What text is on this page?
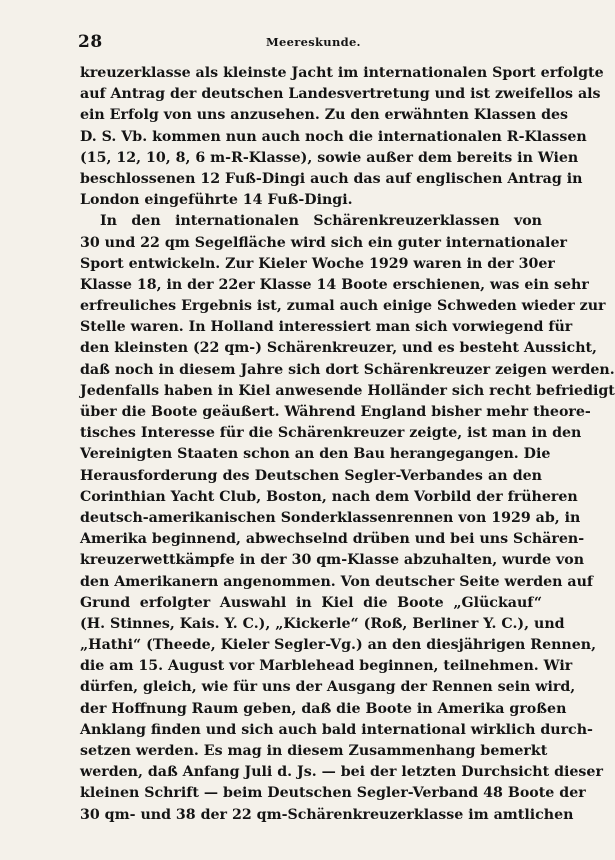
28	Meereskunde.
kreuzerklasse als kleinste Jacht im internationalen Sport erfolgte
auf Antrag der deutschen Landesvertretung und ist zweifellos als
ein Erfolg von uns anzusehen. Zu den erwähnten Klassen des
D. S. Vb. kommen nun auch noch die internationalen R-Klassen
(15, 12, 10, 8, 6 m-R-Klasse), sowie außer dem bereits in Wien
beschlossenen 12 Fuß-Dingi auch das auf englischen Antrag in
London eingeführte 14 Fuß-Dingi.
In den internationalen Schärenkreuzerklassen von
30 und 22 qm Segelfläche wird sich ein guter internationaler
Sport entwickeln. Zur Kieler Woche 1929 waren in der 30er
Klasse 18, in der 22er Klasse 14 Boote erschienen, was ein sehr
erfreuliches Ergebnis ist, zumal auch einige Schweden wieder zur
Stelle waren. In Holland interessiert man sich vorwiegend für
den kleinsten (22 qm-) Schärenkreuzer, und es besteht Aussicht,
daß noch in diesem Jahre sich dort Schärenkreuzer zeigen werden.
Jedenfalls haben in Kiel anwesende Holländer sich recht befriedigt
über die Boote geäußert. Während England bisher mehr theore-
tisches Interesse für die Schärenkreuzer zeigte, ist man in den
Vereinigten Staaten schon an den Bau herangegangen. Die
Herausforderung des Deutschen Segler-Verbandes an den
Corinthian Yacht Club, Boston, nach dem Vorbild der früheren
deutsch-amerikanischen Sonderklassenrennen von 1929 ab, in
Amerika beginnend, abwechselnd drüben und bei uns Schären-
kreuzerwettkämpfe in der 30 qm-Klasse abzuhalten, wurde von
den Amerikanern angenommen. Von deutscher Seite werden auf
Grund erfolgter Auswahl in Kiel die Boote „Glückauf“
(H. Stinnes, Kais. Y. C.), „Kickerle“ (Roß, Berliner Y. C.), und
„Hathi“ (Theede, Kieler Segler-Vg.) an den diesjährigen Rennen,
die am 15. August vor Marblehead beginnen, teilnehmen. Wir
dürfen, gleich, wie für uns der Ausgang der Rennen sein wird,
der Hoffnung Raum geben, daß die Boote in Amerika großen
Anklang finden und sich auch bald international wirklich durch-
setzen werden. Es mag in diesem Zusammenhang bemerkt
werden, daß Anfang Juli d. Js. — bei der letzten Durchsicht dieser
kleinen Schrift — beim Deutschen Segler-Verband 48 Boote der
30 qm- und 38 der 22 qm-Schärenkreuzerklasse im amtlichen
